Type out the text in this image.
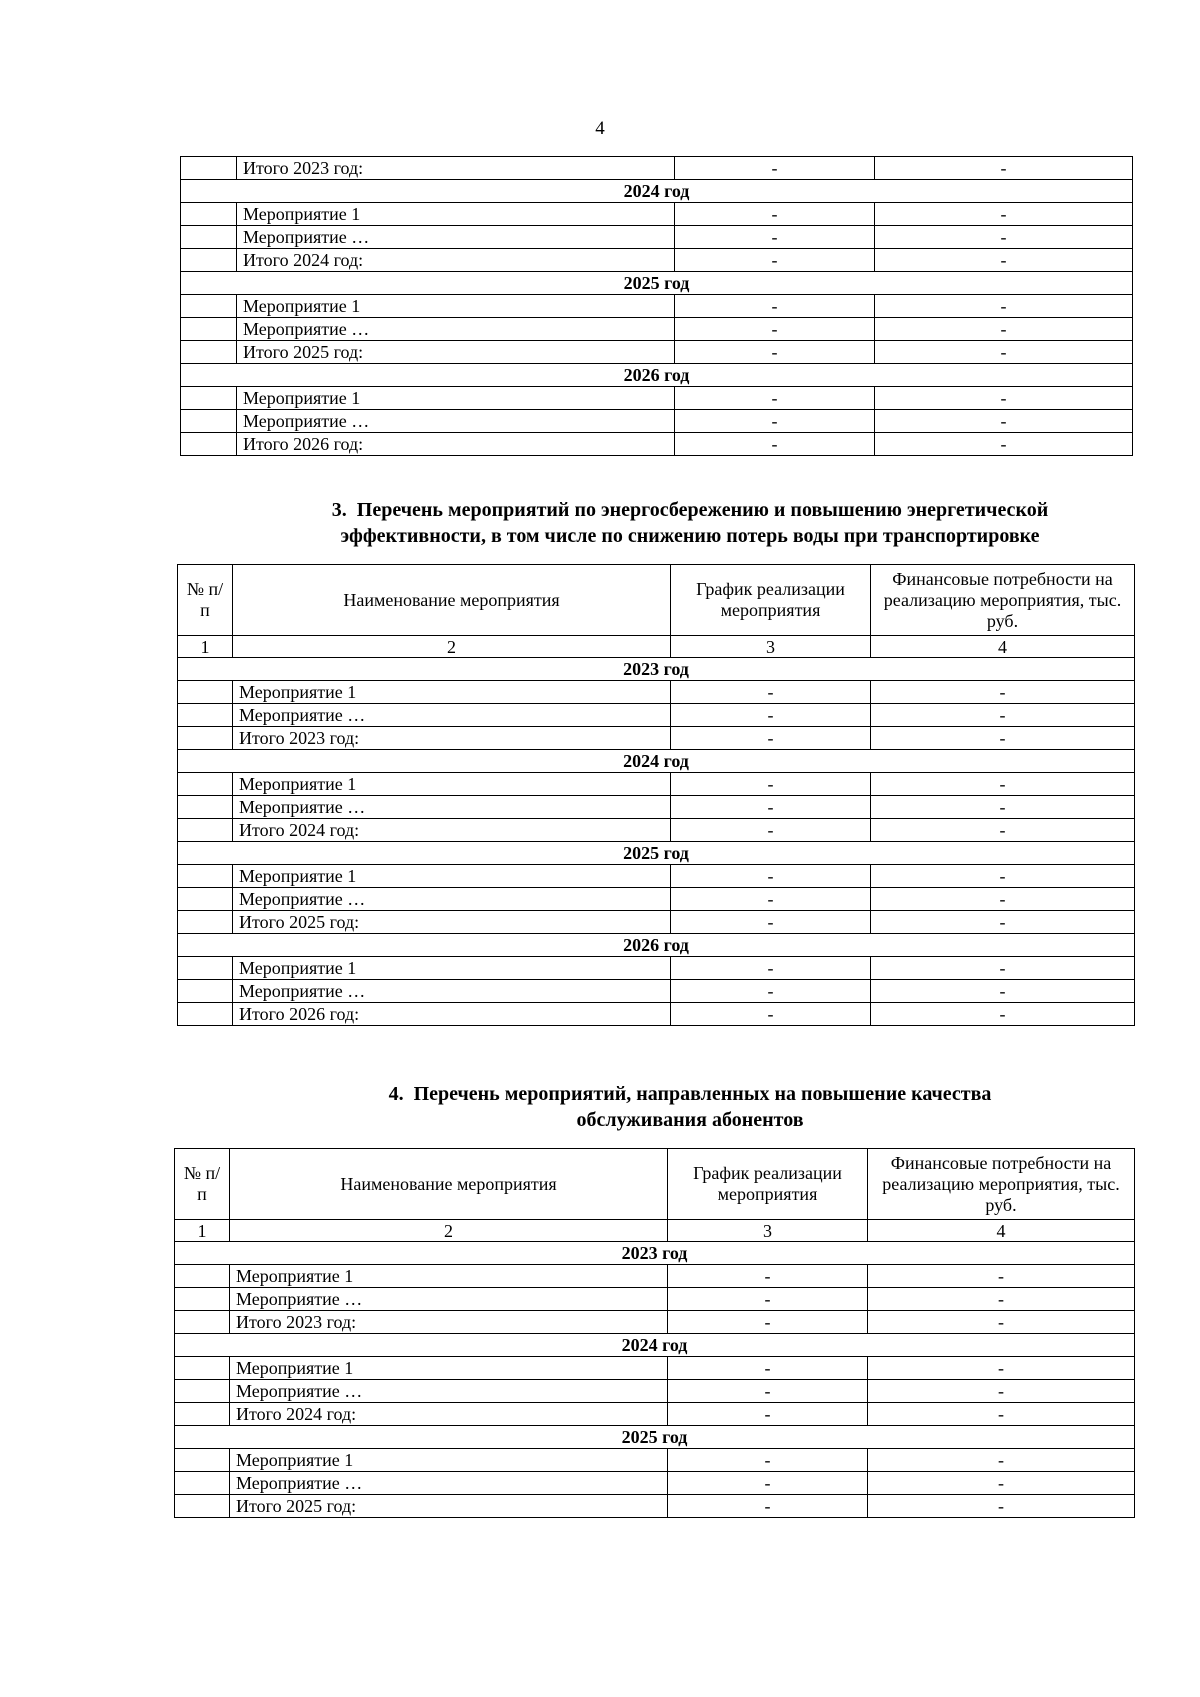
4
	Итого 2023 год:	-	-
2024 год			
	Мероприятие 1	-	-
	Мероприятие …	-	-
	Итого 2024 год:	-	-
2025 год			
	Мероприятие 1	-	-
	Мероприятие …	-	-
	Итого 2025 год:	-	-
2026 год			
	Мероприятие 1	-	-
	Мероприятие …	-	-
	Итого 2026 год:	-	-
3. Перечень мероприятий по энергосбережению и повышению энергетической
эффективности, в том числе по снижению потерь воды при транспортировке
№ п/п	Наименование мероприятия	График реализации мероприятия	Финансовые потребности на реализацию мероприятия, тыс. руб.
1	2	3	4
2023 год			
	Мероприятие 1	-	-
	Мероприятие …	-	-
	Итого 2023 год:	-	-
2024 год			
	Мероприятие 1	-	-
	Мероприятие …	-	-
	Итого 2024 год:	-	-
2025 год			
	Мероприятие 1	-	-
	Мероприятие …	-	-
	Итого 2025 год:	-	-
2026 год			
	Мероприятие 1	-	-
	Мероприятие …	-	-
	Итого 2026 год:	-	-
4. Перечень мероприятий, направленных на повышение качества
обслуживания абонентов
№ п/п	Наименование мероприятия	График реализации мероприятия	Финансовые потребности на реализацию мероприятия, тыс. руб.
1	2	3	4
2023 год			
	Мероприятие 1	-	-
	Мероприятие …	-	-
	Итого 2023 год:	-	-
2024 год			
	Мероприятие 1	-	-
	Мероприятие …	-	-
	Итого 2024 год:	-	-
2025 год			
	Мероприятие 1	-	-
	Мероприятие …	-	-
	Итого 2025 год:	-	-
